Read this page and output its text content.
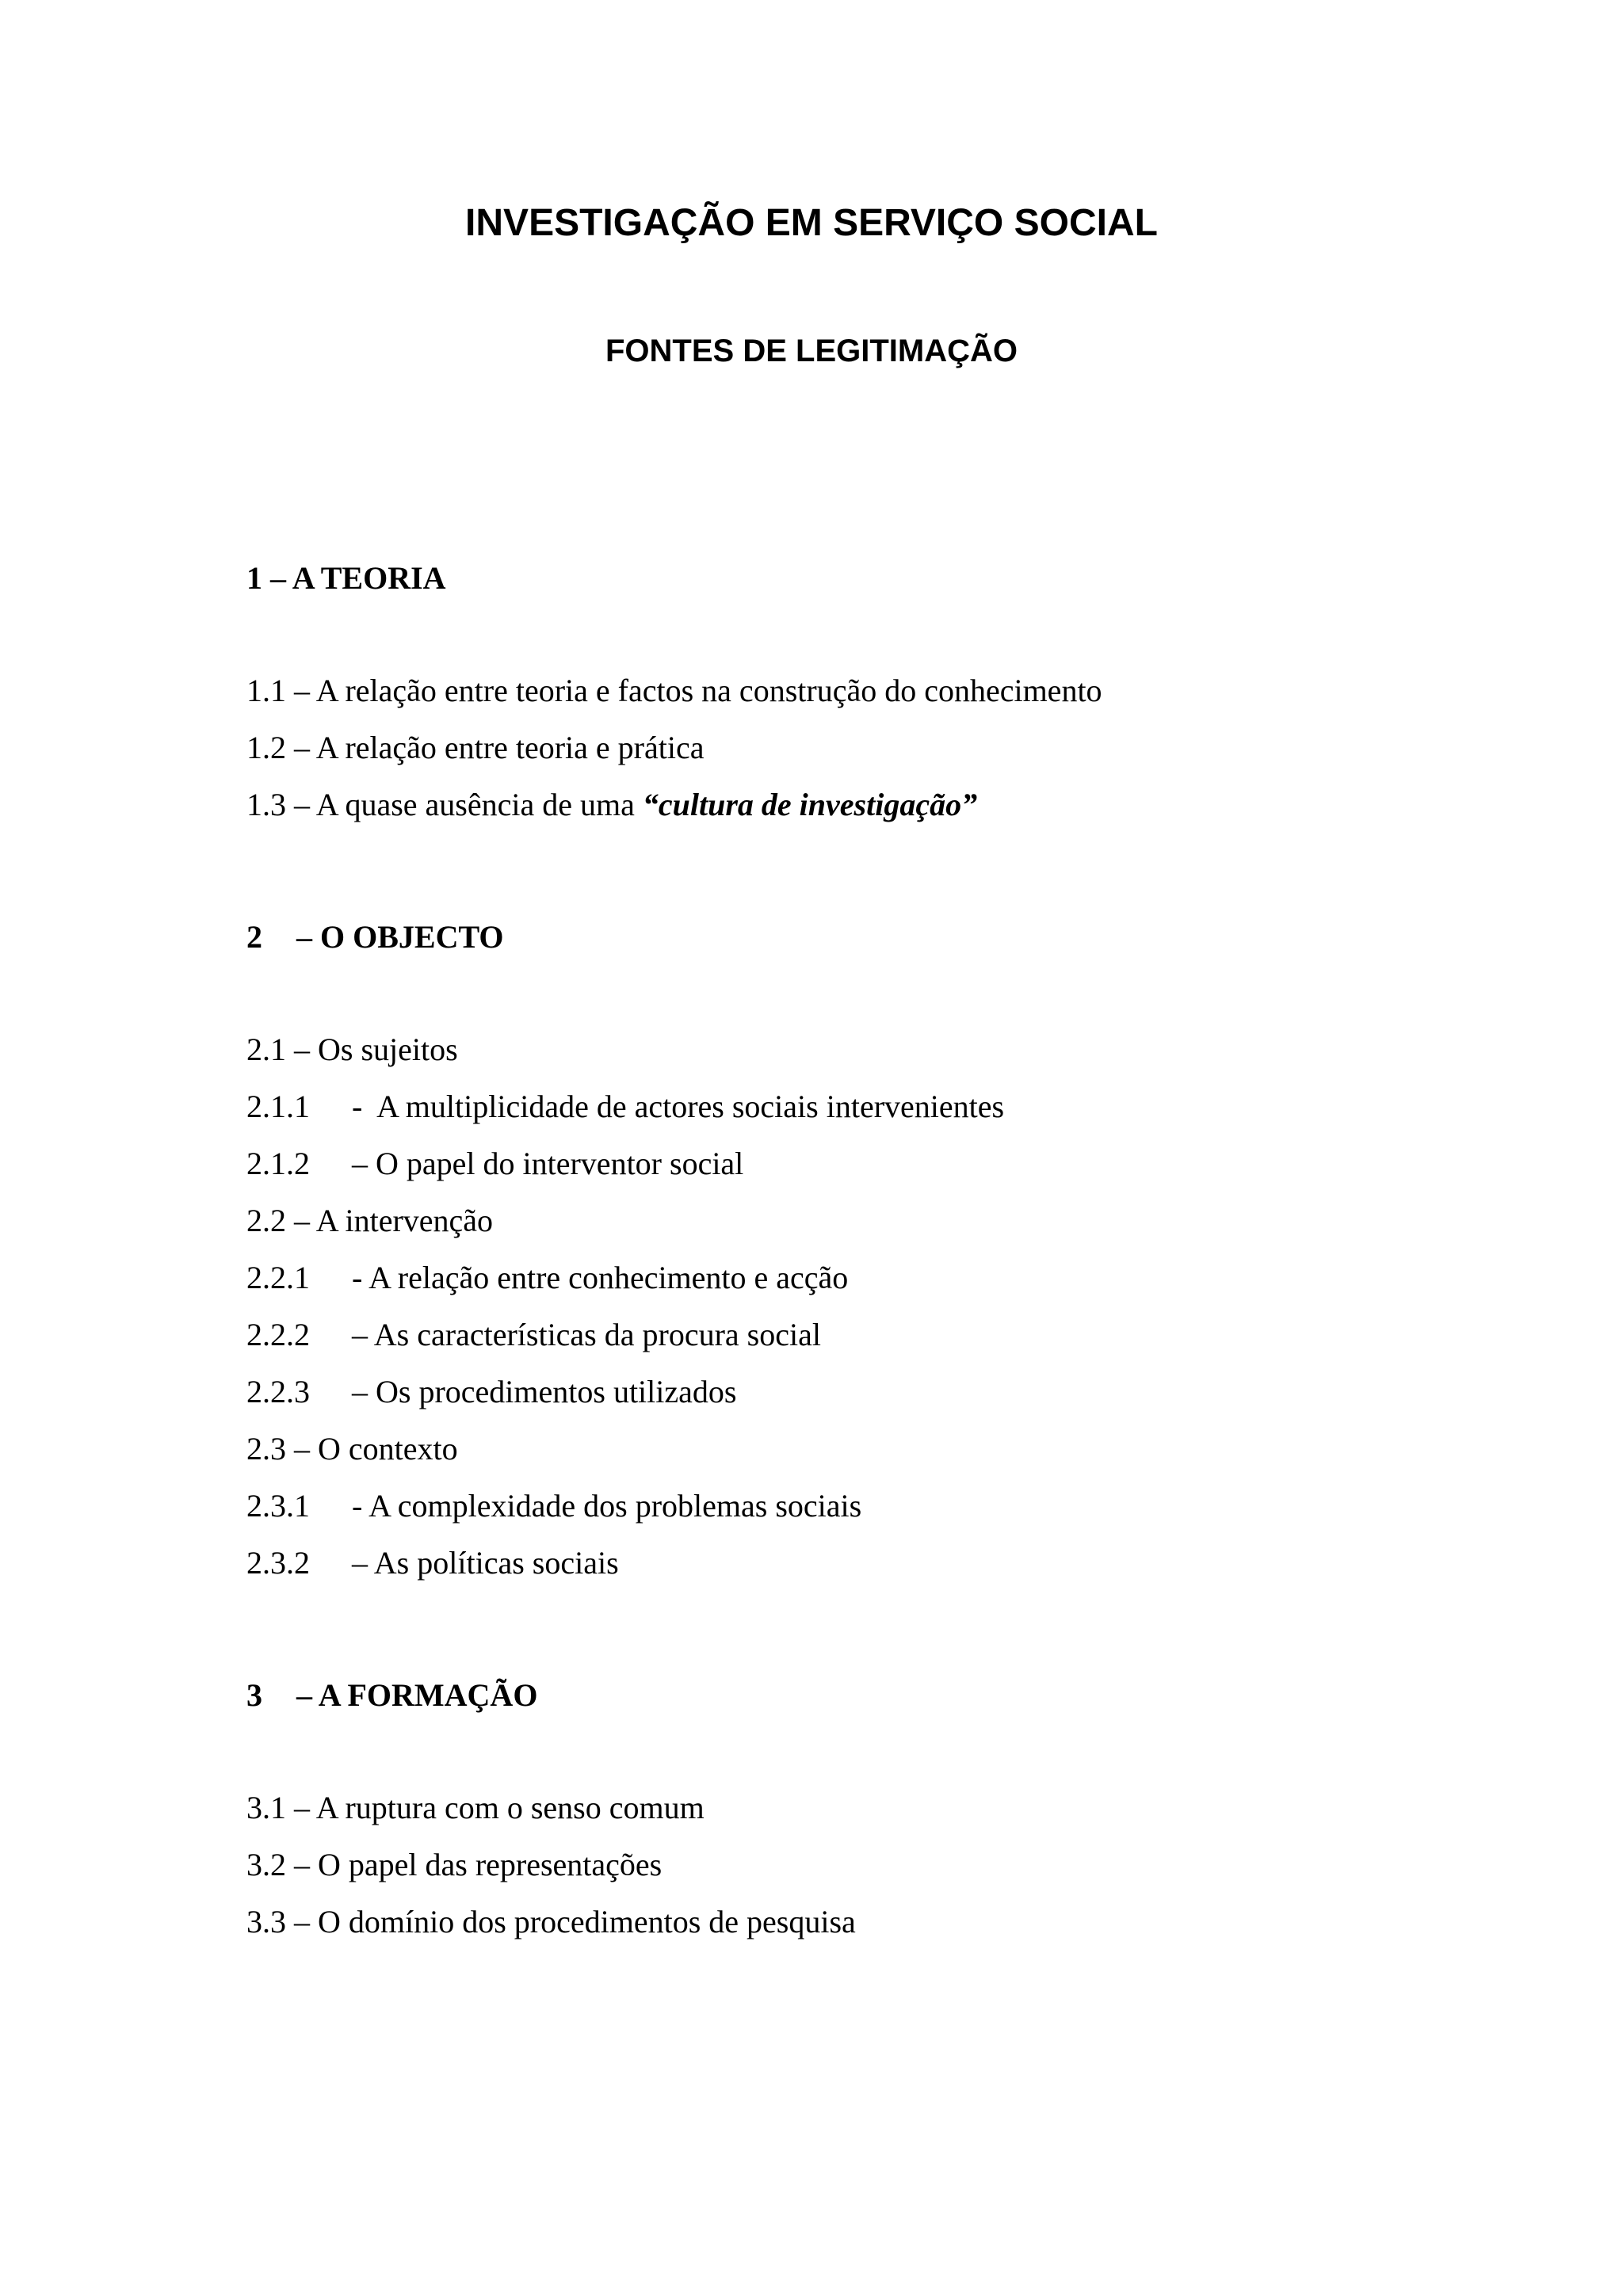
INVESTIGAÇÃO EM SERVIÇO SOCIAL
FONTES DE LEGITIMAÇÃO

1 – A TEORIA

1.1 – A relação entre teoria e factos na construção do conhecimento

1.2 – A relação entre teoria e prática

1.3 – A quase ausência de uma “cultura de investigação”

2 – O OBJECTO

2.1 – Os sujeitos

2.1.1 -  A multiplicidade de actores sociais intervenientes

2.1.2 – O papel do interventor social

2.2 – A intervenção

2.2.1 - A relação entre conhecimento e acção

2.2.2 – As características da procura social

2.2.3 – Os procedimentos utilizados

2.3 – O contexto

2.3.1 - A complexidade dos problemas sociais

2.3.2 – As políticas sociais

3 – A FORMAÇÃO

3.1 – A ruptura com o senso comum

3.2 – O papel das representações

3.3 – O domínio dos procedimentos de pesquisa
